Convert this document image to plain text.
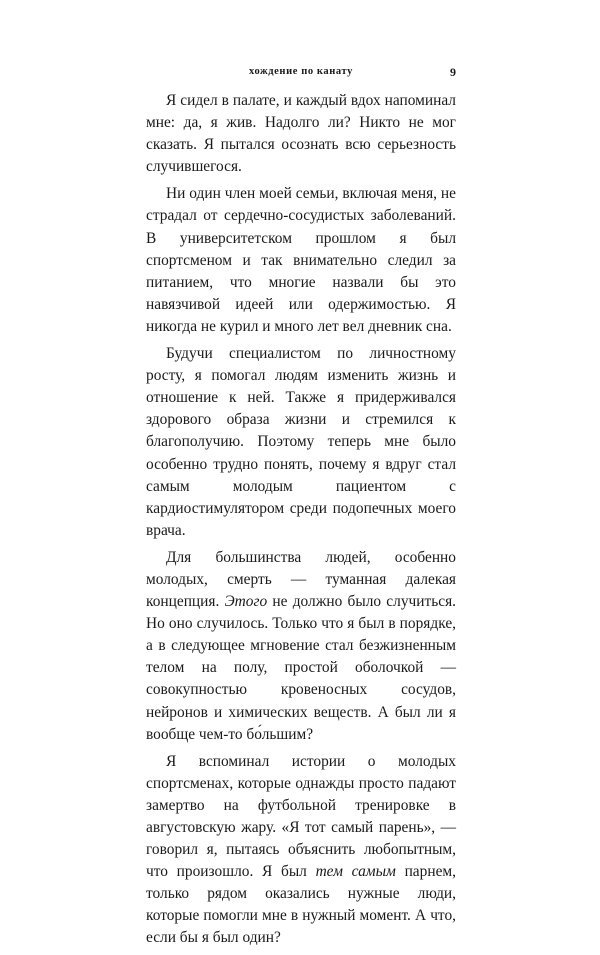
хождение по канату	9

Я сидел в палате, и каждый вдох напоминал мне: да, я жив. Надолго ли? Никто не мог сказать. Я пытался осознать всю серьезность случившегося.

Ни один член моей семьи, включая меня, не страдал от сердечно-сосудистых заболеваний. В университетском прошлом я был спортсменом и так внимательно следил за питанием, что многие назвали бы это навязчивой идеей или одержимостью. Я никогда не курил и много лет вел дневник сна.

Будучи специалистом по личностному росту, я помогал людям изменить жизнь и отношение к ней. Также я придерживался здорового образа жизни и стремился к благополучию. Поэтому теперь мне было особенно трудно понять, почему я вдруг стал самым молодым пациентом с кардиостимулятором среди подопечных моего врача.

Для большинства людей, особенно молодых, смерть — туманная далекая концепция. Этого не должно было случиться. Но оно случилось. Только что я был в порядке, а в следующее мгновение стал безжизненным телом на полу, простой оболочкой — совокупностью кровеносных сосудов, нейронов и химических веществ. А был ли я вообще чем-то бо́льшим?

Я вспоминал истории о молодых спортсменах, которые однажды просто падают замертво на футбольной тренировке в августовскую жару. «Я тот самый парень», — говорил я, пытаясь объяснить любопытным, что произошло. Я был тем самым парнем, только рядом оказались нужные люди, которые помогли мне в нужный момент. А что, если бы я был один?
